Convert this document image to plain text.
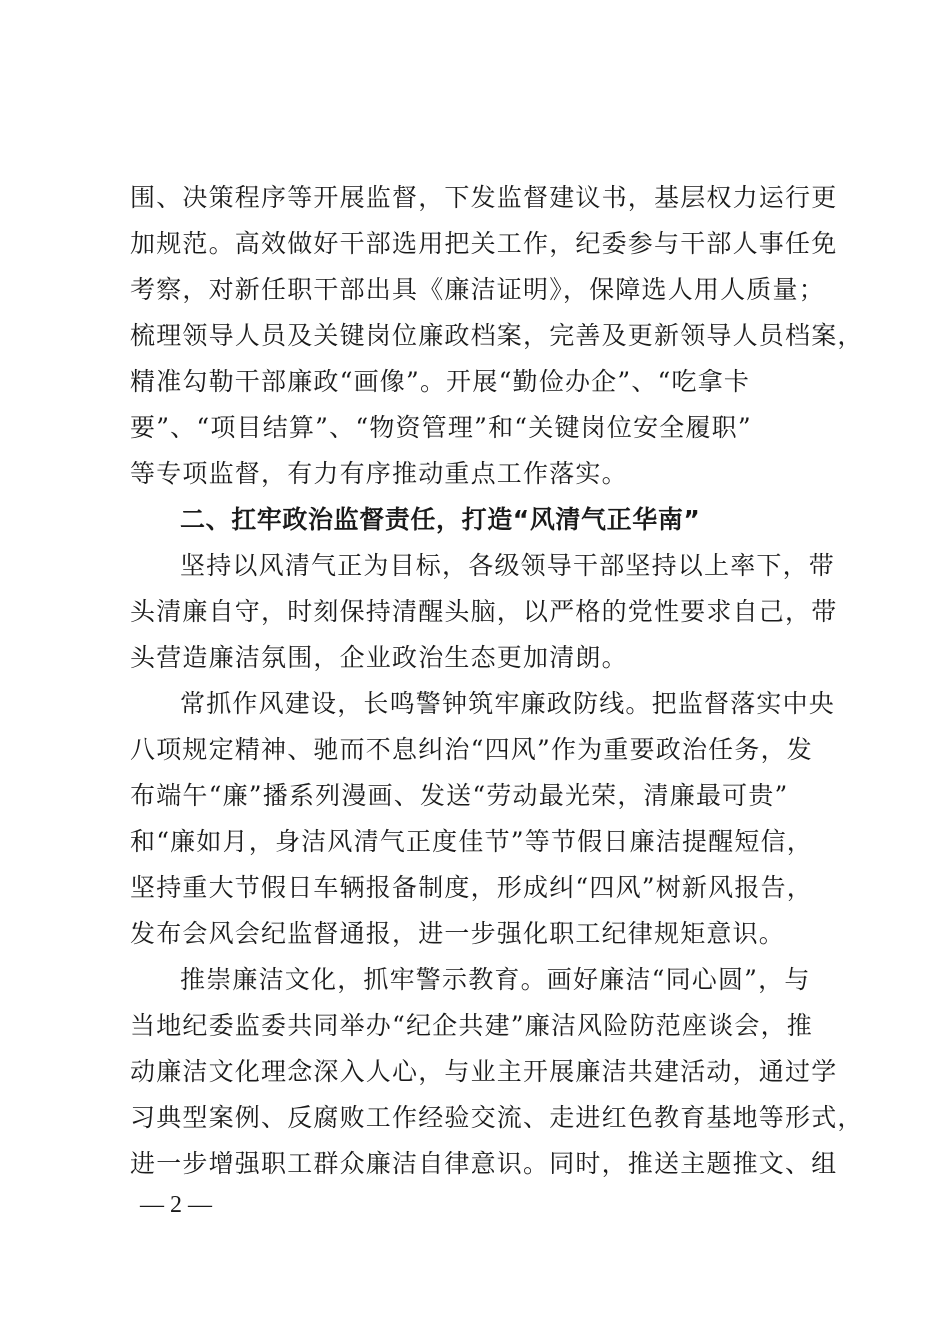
围、决策程序等开展监督，下发监督建议书，基层权力运行更
加规范。高效做好干部选用把关工作，纪委参与干部人事任免
考察，对新任职干部出具《廉洁证明》，保障选人用人质量；
梳理领导人员及关键岗位廉政档案，完善及更新领导人员档案，
精准勾勒干部廉政“画像”。开展“勤俭办企”、“吃拿卡
要”、“项目结算”、“物资管理”和“关键岗位安全履职”
等专项监督，有力有序推动重点工作落实。
二、扛牢政治监督责任，打造“风清气正华南”
坚持以风清气正为目标，各级领导干部坚持以上率下，带
头清廉自守，时刻保持清醒头脑，以严格的党性要求自己，带
头营造廉洁氛围，企业政治生态更加清朗。
常抓作风建设，长鸣警钟筑牢廉政防线。把监督落实中央
八项规定精神、驰而不息纠治“四风”作为重要政治任务，发
布端午“廉”播系列漫画、发送“劳动最光荣，清廉最可贵”
和“廉如月，身洁风清气正度佳节”等节假日廉洁提醒短信，
坚持重大节假日车辆报备制度，形成纠“四风”树新风报告，
发布会风会纪监督通报，进一步强化职工纪律规矩意识。
推崇廉洁文化，抓牢警示教育。画好廉洁“同心圆”，与
当地纪委监委共同举办“纪企共建”廉洁风险防范座谈会，推
动廉洁文化理念深入人心，与业主开展廉洁共建活动，通过学
习典型案例、反腐败工作经验交流、走进红色教育基地等形式，
进一步增强职工群众廉洁自律意识。同时，推送主题推文、组
— 2 —
